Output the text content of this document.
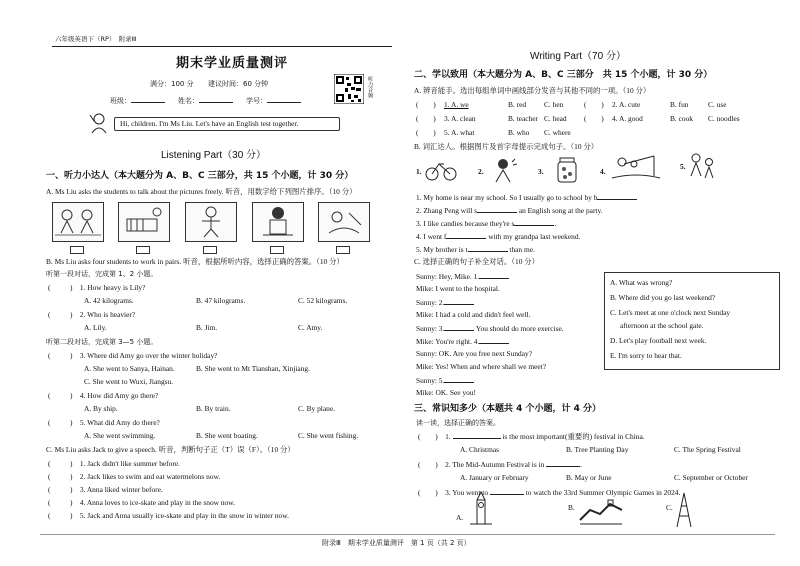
六年级英语下（RP）　 附录Ⅲ
期末学业质量测评
满分：100 分 建议时间：60 分钟
班级：	姓名：	学号：
听力音频
Hi, children. I'm Ms Liu. Let's have an English test together.
Listening Part（30 分）
一、听力小达人（本大题分为 A、B、C 三部分，共 15 个小题，计 30 分）
A. Ms Liu asks the students to talk about the pictures freely. 听音，用数字给下列图片排序。（10 分）
B. Ms Liu asks four students to work in pairs. 听音，根据所听内容，选择正确的答案。（10 分）
听第一段对话，完成第 1、2 小题。
(　)　1. How heavy is Lily?
A. 42 kilograms.	B. 47 kilograms.	C. 52 kilograms.
(　)　2. Who is heavier?
A. Lily.	B. Jim.	C. Amy.
听第二段对话，完成第 3—5 小题。
(　)　3. Where did Amy go over the winter holiday?
A. She went to Sanya, Hainan.	B. She went to Mt Tianshan, Xinjiang.
C. She went to Wuxi, Jiangsu.
(　)　4. How did Amy go there?
A. By ship.	B. By train.	C. By plane.
(　)　5. What did Amy do there?
A. She went swimming.	B. She went boating.	C. She went fishing.
C. Ms Liu asks Jack to give a speech. 听音，判断句子正（T）误（F）。（10 分）
(　)　1. Jack didn't like summer before.
(　)　2. Jack likes to swim and eat watermelons now.
(　)　3. Anna liked winter before.
(　)　4. Anna loves to ice-skate and play in the snow now.
(　)　5. Jack and Anna usually ice-skate and play in the snow in winter now.
Writing Part（70 分）
二、学以致用（本大题分为 A、B、C 三部分　共 15 个小题，计 30 分）
A. 辨音能手。选出每组单词中画线部分发音与其他不同的一项。（10 分）
(　　) 1. A. we	B. red C. hen	(　　) 2. A. cute	B. fun	C. use
(　　) 3. A. clean	B. teacher C. head (　　) 4. A. good	B. cook C. noodles
(　　) 5. A. what	B. who C. where
B. 词汇达人。根据图片及首字母提示完成句子。（10 分）
1.	2.	3.	4.
5.
1. My home is near my school. So I usually go to school by b
2. Zhang Peng will s	an English song at the party.
3. I like candies because they're s	.
4. I went f	with my grandpa last weekend.
5. My brother is t	than me.
C. 选择正确的句子补全对话。（10 分）
Sunny: Hey, Mike. 1.
Mike: I went to the hospital.
Sunny: 2.
Mike: I had a cold and didn't feel well.
Sunny: 3.	You should do more exercise.
Mike: You're right. 4.
Sunny: OK. Are you free next Sunday?
Mike: Yes! When and where shall we meet?
Sunny: 5.
Mike: OK. See you!
A. What was wrong?
B. Where did you go last weekend?
C. Let's meet at one o'clock next Sunday
afternoon at the school gate.
D. Let's play football next week.
E. I'm sorry to hear that.
三、常识知多少（本题共 4 个小题，计 4 分）
读一读，选择正确的答案。
(　　)　1.	is the most important(重要的) festival in China.
A. Christmas	B. Tree Planting Day	C. The Spring Festival
(　　)　2. The Mid-Autumn Festival is in	.
A. January or February	B. May or June	C. September or October
(　　)　3. You went to	to watch the 33rd Summer Olympic Games in 2024.
A.
B.	C.
附录Ⅲ　期末学业质量测评　第 1 页（共 2 页）
